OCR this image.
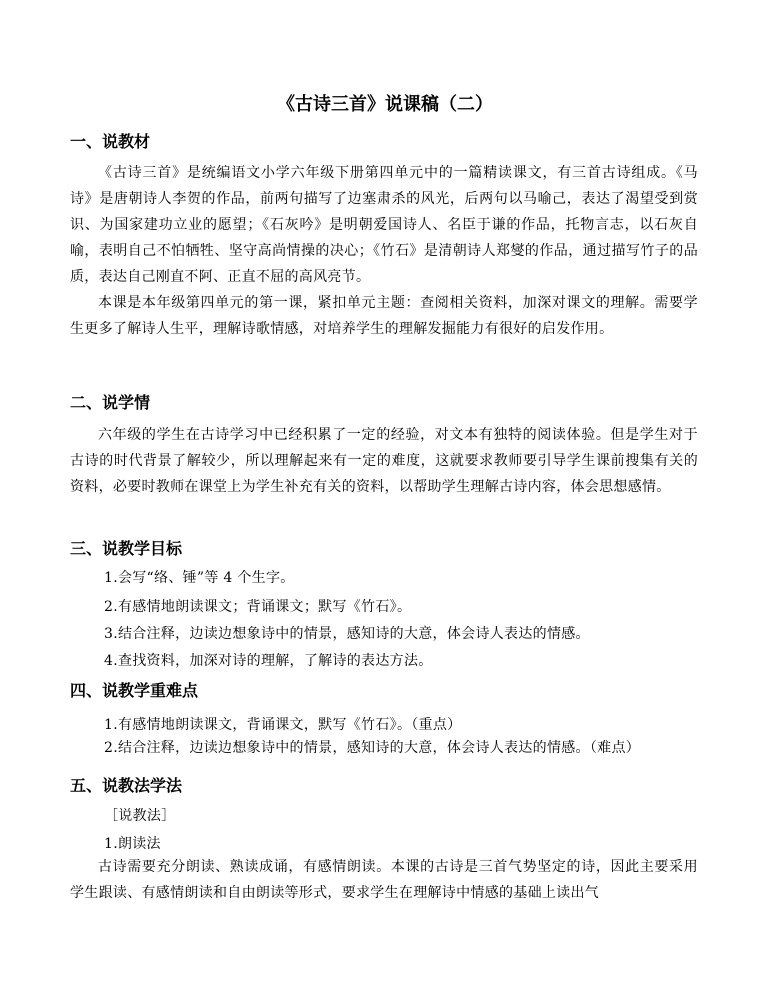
《古诗三首》说课稿（二）
一、说教材

《古诗三首》是统编语文小学六年级下册第四单元中的一篇精读课文，有三首古诗组成。《马诗》是唐朝诗人李贺的作品，前两句描写了边塞肃杀的风光，后两句以马喻己，表达了渴望受到赏识、为国家建功立业的愿望；《石灰吟》是明朝爱国诗人、名臣于谦的作品，托物言志，以石灰自喻，表明自己不怕牺牲、坚守高尚情操的决心；《竹石》是清朝诗人郑燮的作品，通过描写竹子的品质，表达自己刚直不阿、正直不屈的高风亮节。

本课是本年级第四单元的第一课，紧扣单元主题：查阅相关资料，加深对课文的理解。需要学生更多了解诗人生平，理解诗歌情感，对培养学生的理解发掘能力有很好的启发作用。

二、说学情

六年级的学生在古诗学习中已经积累了一定的经验，对文本有独特的阅读体验。但是学生对于古诗的时代背景了解较少，所以理解起来有一定的难度，这就要求教师要引导学生课前搜集有关的资料，必要时教师在课堂上为学生补充有关的资料，以帮助学生理解古诗内容，体会思想感情。

三、说教学目标

1.会写“络、锤”等 4 个生字。

2.有感情地朗读课文；背诵课文；默写《竹石》。

3.结合注释，边读边想象诗中的情景，感知诗的大意，体会诗人表达的情感。

4.查找资料，加深对诗的理解，了解诗的表达方法。

四、说教学重难点

1.有感情地朗读课文，背诵课文，默写《竹石》。（重点）

2.结合注释，边读边想象诗中的情景，感知诗的大意，体会诗人表达的情感。（难点）

五、说教法学法

［说教法］

1.朗读法

古诗需要充分朗读、熟读成诵，有感情朗读。本课的古诗是三首气势坚定的诗，因此主要采用学生跟读、有感情朗读和自由朗读等形式，要求学生在理解诗中情感的基础上读出气
